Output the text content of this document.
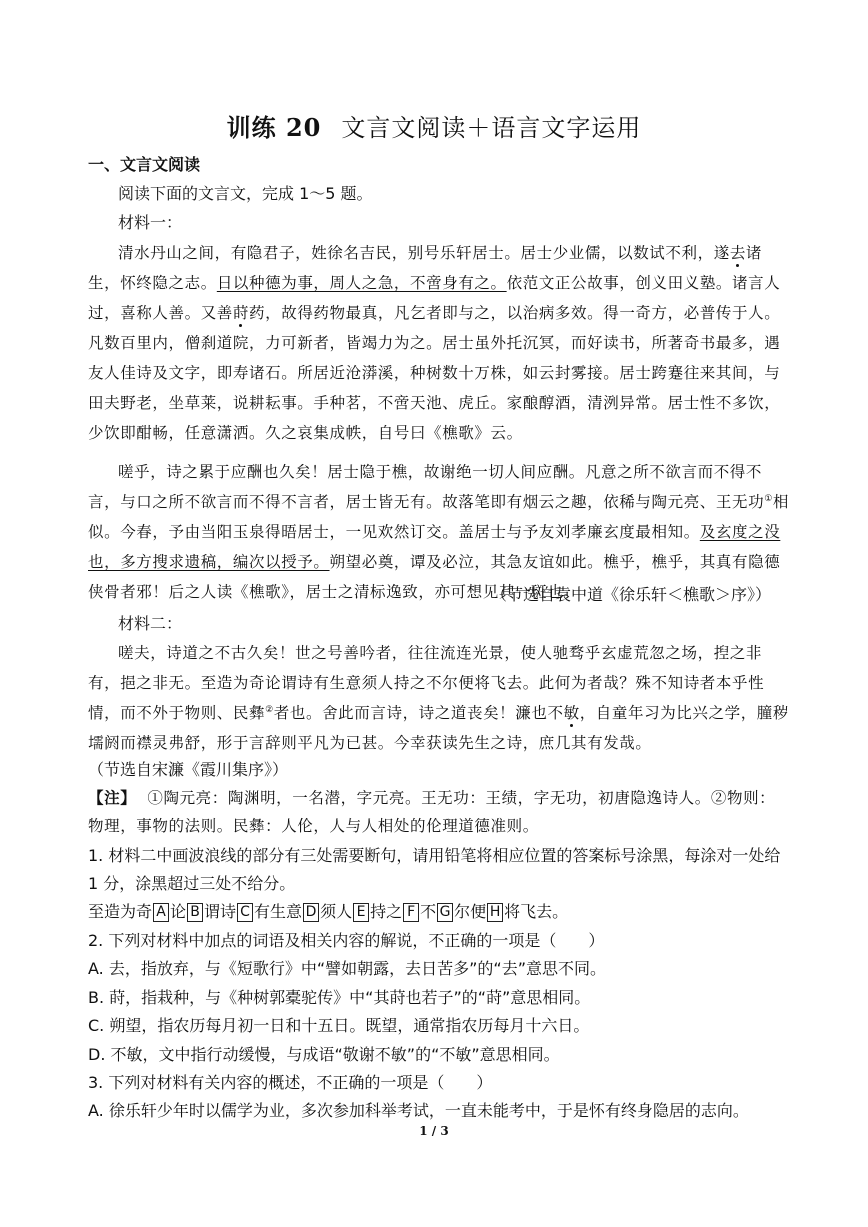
训练 20 文言文阅读＋语言文字运用
一、文言文阅读
阅读下面的文言文，完成 1～5 题。
材料一：
清水丹山之间，有隐君子，姓徐名吉民，别号乐轩居士。居士少业儒，以数试不利，遂去诸
生，怀终隐之志。日以种德为事，周人之急，不啻身有之。依范文正公故事，创义田义塾。诸言人
过，喜称人善。又善莳药，故得药物最真，凡乞者即与之，以治病多效。得一奇方，必普传于人。
凡数百里内，僧刹道院，力可新者，皆竭力为之。居士虽外托沉冥，而好读书，所著奇书最多，遇
友人佳诗及文字，即寿诸石。所居近沧漭溪，种树数十万株，如云封雾接。居士跨蹇往来其间，与
田夫野老，坐草莱，说耕耘事。手种茗，不啻天池、虎丘。家酿醇酒，清洌异常。居士性不多饮，
少饮即酣畅，任意潇洒。久之哀集成帙，自号曰《樵歌》云。
嗟乎，诗之累于应酬也久矣！居士隐于樵，故谢绝一切人间应酬。凡意之所不欲言而不得不
言，与口之所不欲言而不得不言者，居士皆无有。故落笔即有烟云之趣，依稀与陶元亮、王无功①相
似。今春，予由当阳玉泉得晤居士，一见欢然订交。盖居士与予友刘孝廉玄度最相知。及玄度之没
也，多方搜求遗稿，编次以授予。朔望必奠，谭及必泣，其急友谊如此。樵乎，樵乎，其真有隐德
侠骨者邪！后之人读《樵歌》，居士之清标逸致，亦可想见其一斑也。
（节选自袁中道《徐乐轩＜樵歌＞序》）
材料二：
嗟夫，诗道之不古久矣！世之号善吟者，往往流连光景，使人驰骛乎玄虚荒忽之场，揑之非
有，挹之非无。至造为奇论谓诗有生意须人持之不尔便将飞去。此何为者哉？殊不知诗者本乎性
情，而不外于物则、民彝②者也。舍此而言诗，诗之道丧矣！濂也不敏，自童年习为比兴之学，朣秽
壖阏而襟灵弗舒，形于言辞则平凡为已甚。今幸获读先生之诗，庶几其有发哉。
（节选自宋濂《霞川集序》）
【注】 ①陶元亮：陶渊明，一名潜，字元亮。王无功：王绩，字无功，初唐隐逸诗人。②物则：
物理，事物的法则。民彝：人伦，人与人相处的伦理道德准则。
1. 材料二中画波浪线的部分有三处需要断句，请用铅笔将相应位置的答案标号涂黑，每涂对一处给
1 分，涂黑超过三处不给分。
至造为奇 A 论 B 谓诗 C 有生意 D 须人 E 持之 F 不 G 尔便 H 将飞去。
2. 下列对材料中加点的词语及相关内容的解说，不正确的一项是（　　）
A. 去，指放弃，与《短歌行》中“譬如朝露，去日苦多”的“去”意思不同。
B. 莳，指栽种，与《种树郭橐驼传》中“其莳也若子”的“莳”意思相同。
C. 朔望，指农历每月初一日和十五日。既望，通常指农历每月十六日。
D. 不敏，文中指行动缓慢，与成语“敬谢不敏”的“不敏”意思相同。
3. 下列对材料有关内容的概述，不正确的一项是（　　）
A. 徐乐轩少年时以儒学为业，多次参加科举考试，一直未能考中，于是怀有终身隐居的志向。
1 / 3
